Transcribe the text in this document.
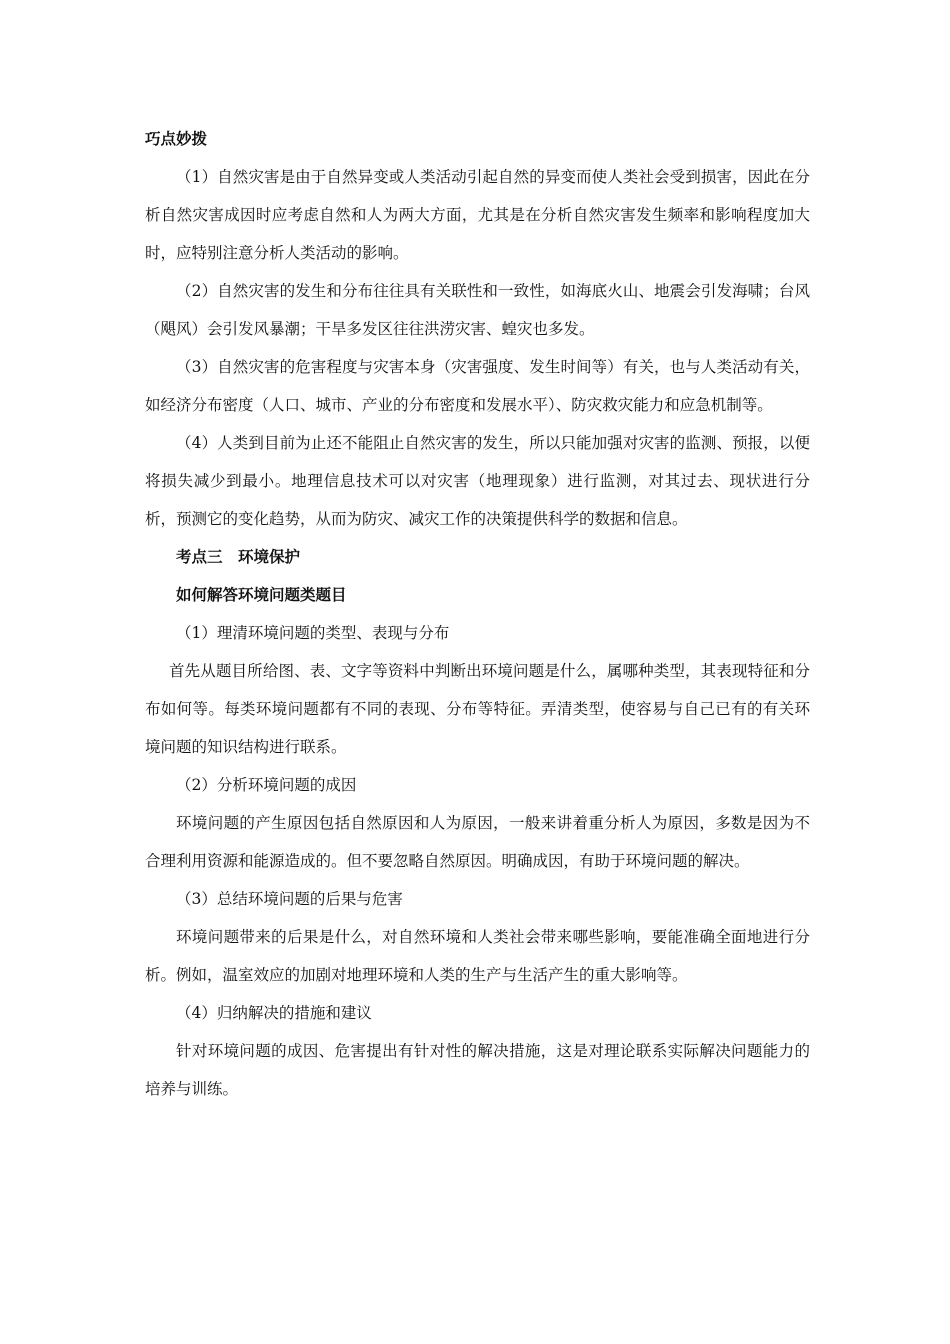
巧点妙拨

（1）自然灾害是由于自然异变或人类活动引起自然的异变而使人类社会受到损害，因此在分析自然灾害成因时应考虑自然和人为两大方面，尤其是在分析自然灾害发生频率和影响程度加大时，应特别注意分析人类活动的影响。

（2）自然灾害的发生和分布往往具有关联性和一致性，如海底火山、地震会引发海啸；台风（飓风）会引发风暴潮；干旱多发区往往洪涝灾害、蝗灾也多发。

（3）自然灾害的危害程度与灾害本身（灾害强度、发生时间等）有关，也与人类活动有关，如经济分布密度（人口、城市、产业的分布密度和发展水平）、防灾救灾能力和应急机制等。

（4）人类到目前为止还不能阻止自然灾害的发生，所以只能加强对灾害的监测、预报，以便将损失减少到最小。地理信息技术可以对灾害（地理现象）进行监测，对其过去、现状进行分析，预测它的变化趋势，从而为防灾、减灾工作的决策提供科学的数据和信息。

考点三　环境保护

如何解答环境问题类题目

（1）理清环境问题的类型、表现与分布

首先从题目所给图、表、文字等资料中判断出环境问题是什么，属哪种类型，其表现特征和分布如何等。每类环境问题都有不同的表现、分布等特征。弄清类型，使容易与自己已有的有关环境问题的知识结构进行联系。

（2）分析环境问题的成因

环境问题的产生原因包括自然原因和人为原因，一般来讲着重分析人为原因，多数是因为不合理利用资源和能源造成的。但不要忽略自然原因。明确成因，有助于环境问题的解决。

（3）总结环境问题的后果与危害

环境问题带来的后果是什么，对自然环境和人类社会带来哪些影响，要能准确全面地进行分析。例如，温室效应的加剧对地理环境和人类的生产与生活产生的重大影响等。

（4）归纳解决的措施和建议

针对环境问题的成因、危害提出有针对性的解决措施，这是对理论联系实际解决问题能力的培养与训练。
